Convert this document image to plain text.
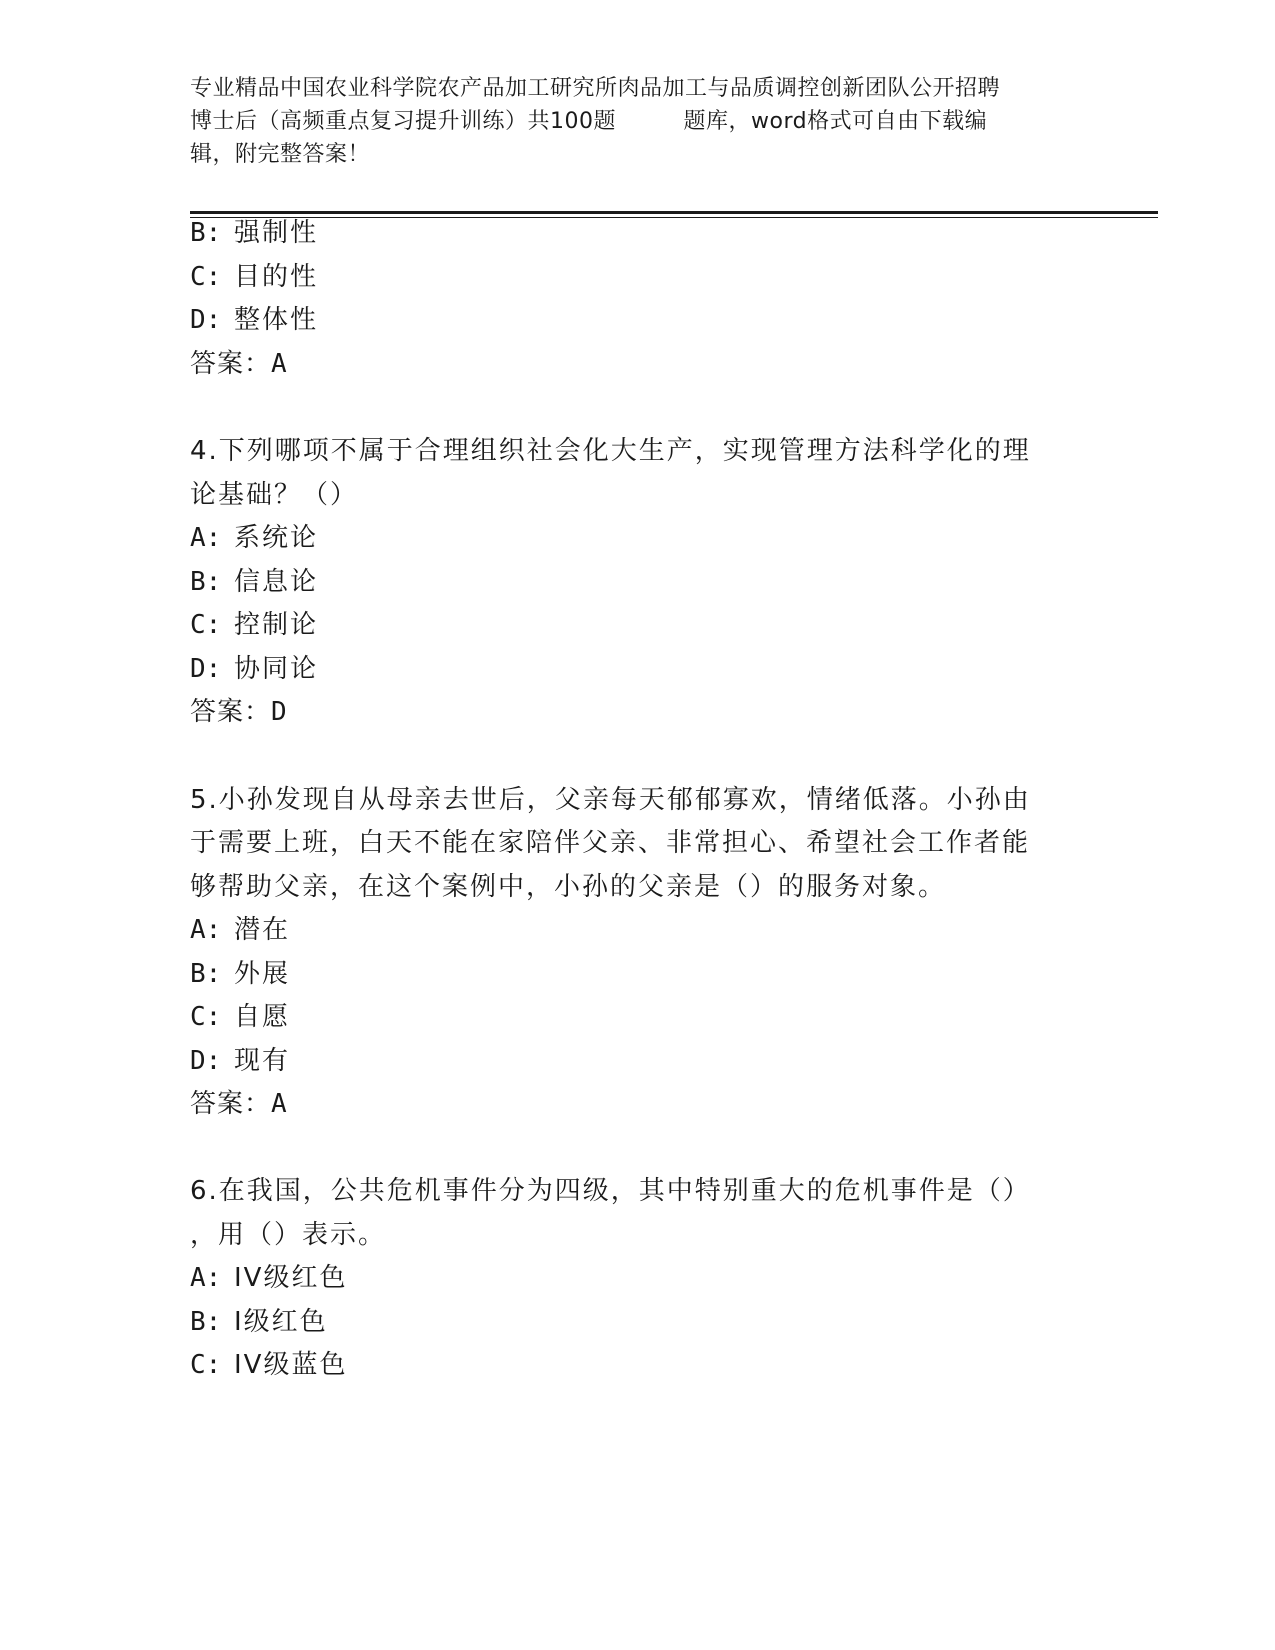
专业精品中国农业科学院农产品加工研究所肉品加工与品质调控创新团队公开招聘
博士后（高频重点复习提升训练）共100题　　　题库，word格式可自由下载编
辑，附完整答案！
B: 强制性
C: 目的性
D: 整体性
答案：A
4.下列哪项不属于合理组织社会化大生产，实现管理方法科学化的理
论基础？（）
A: 系统论
B: 信息论
C: 控制论
D: 协同论
答案：D
5.小孙发现自从母亲去世后，父亲每天郁郁寡欢，情绪低落。小孙由
于需要上班，白天不能在家陪伴父亲、非常担心、希望社会工作者能
够帮助父亲，在这个案例中，小孙的父亲是（）的服务对象。
A: 潜在
B: 外展
C: 自愿
D: 现有
答案：A
6.在我国，公共危机事件分为四级，其中特别重大的危机事件是（）
，用（）表示。
A: IV级红色
B: I级红色
C: IV级蓝色
